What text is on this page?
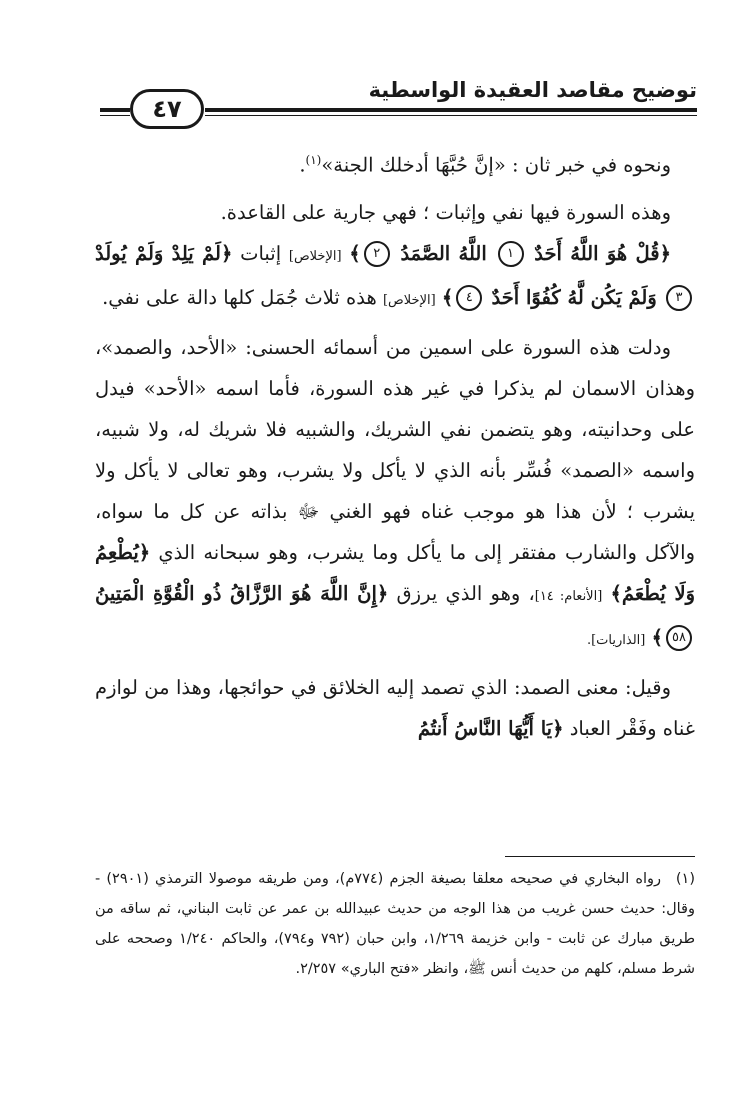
توضيح مقاصد العقيدة الواسطية
٤٧

ونحوه في خبر ثان : «إنَّ حُبَّهَا أدخلك الجنة»$^{(١)}$.

وهذه السورة فيها نفي وإثبات ؛ فهي جارية على القاعدة.

﴿قُلْ هُوَ اللَّهُ أَحَدٌ ١ اللَّهُ الصَّمَدُ ٢﴾ [الإخلاص] إثبات ﴿لَمْ يَلِدْ وَلَمْ يُولَدْ ٣ وَلَمْ يَكُن لَّهُ كُفُوًا أَحَدٌ ٤﴾ [الإخلاص] هذه ثلاث جُمَل كلها دالة على نفي.

ودلت هذه السورة على اسمين من أسمائه الحسنى: «الأحد، والصمد»، وهذان الاسمان لم يذكرا في غير هذه السورة، فأما اسمه «الأحد» فيدل على وحدانيته، وهو يتضمن نفي الشريك، والشبيه فلا شريك له، ولا شبيه، واسمه «الصمد» فُسِّر بأنه الذي لا يأكل ولا يشرب، وهو تعالى لا يأكل ولا يشرب ؛ لأن هذا هو موجب غناه فهو الغني ﷻ بذاته عن كل ما سواه، والآكل والشارب مفتقر إلى ما يأكل وما يشرب، وهو سبحانه الذي ﴿يُطْعِمُ وَلَا يُطْعَمُ﴾ [الأنعام: ١٤]، وهو الذي يرزق ﴿إِنَّ اللَّهَ هُوَ الرَّزَّاقُ ذُو الْقُوَّةِ الْمَتِينُ ٥٨﴾ [الذاريات].

وقيل: معنى الصمد: الذي تصمد إليه الخلائق في حوائجها، وهذا من لوازم غناه وفَقْر العباد ﴿يَا أَيُّهَا النَّاسُ أَنتُمُ

(١)رواه البخاري في صحيحه معلقا بصيغة الجزم (٧٧٤م)، ومن طريقه موصولا الترمذي (٢٩٠١) - وقال: حديث حسن غريب من هذا الوجه من حديث عبيدالله بن عمر عن ثابت البناني، ثم ساقه من طريق مبارك عن ثابت - وابن خزيمة ١/٢٦٩، وابن حبان (٧٩٢ و٧٩٤)، والحاكم ١/٢٤٠ وصححه على شرط مسلم، كلهم من حديث أنس ﷺ، وانظر «فتح الباري» ٢/٢٥٧.
